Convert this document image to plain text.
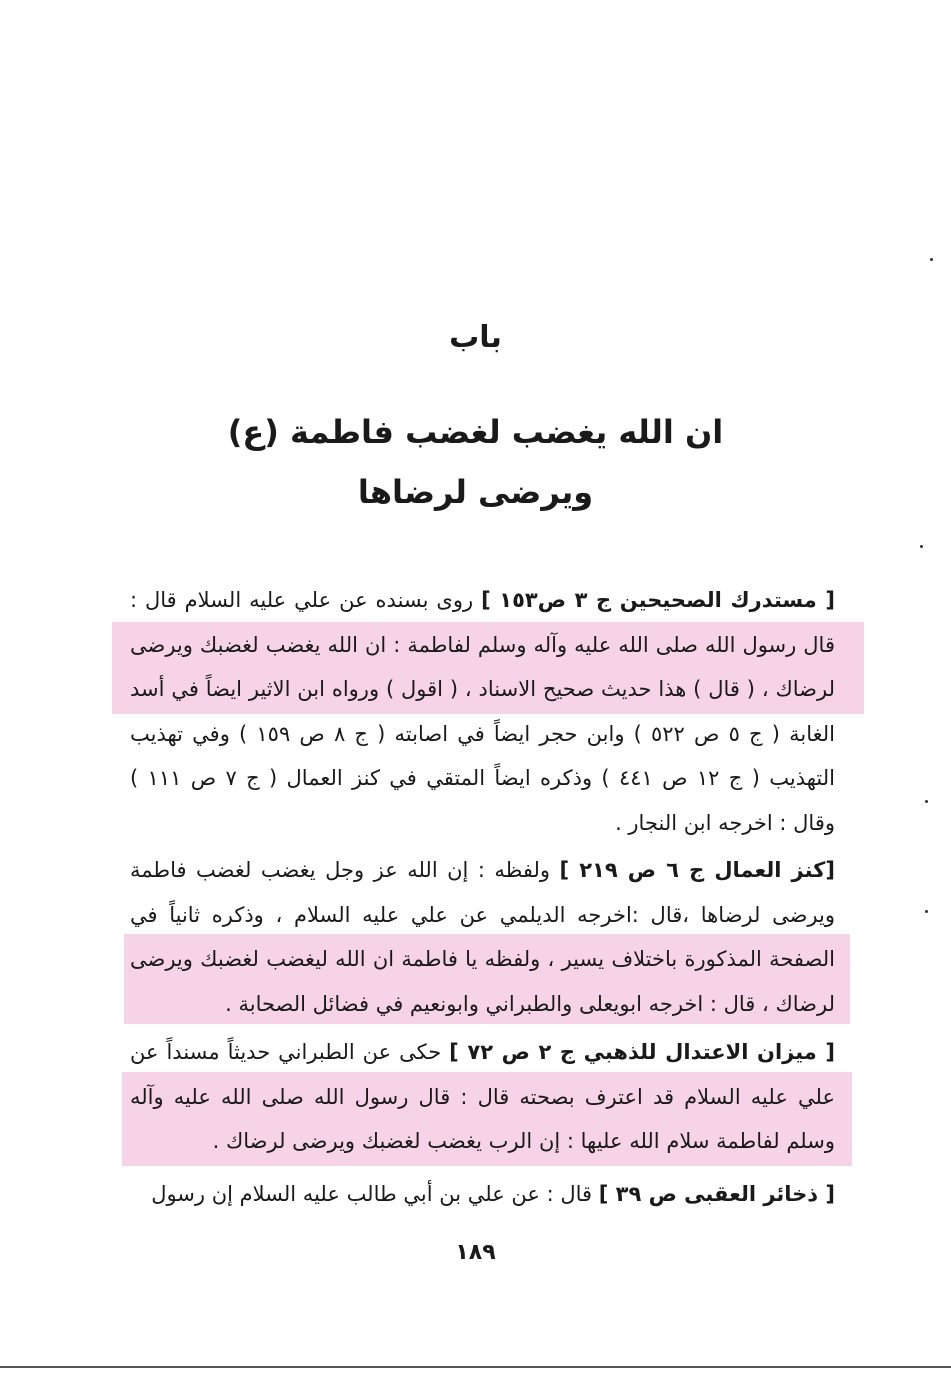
باب
ان الله يغضب لغضب فاطمة (ع)
ويرضى لرضاها
[ مستدرك الصحيحين ج ٣ ص١٥٣ ] روى بسنده عن علي عليه السلام قال : قال رسول الله صلى الله عليه وآله وسلم لفاطمة : ان الله يغضب لغضبك ويرضى لرضاك ، ( قال ) هذا حديث صحيح الاسناد ، ( اقول ) ورواه ابن الاثير ايضاً في أسد الغابة ( ج ٥ ص ٥٢٢ ) وابن حجر ايضاً في اصابته ( ج ٨ ص ١٥٩ ) وفي تهذيب التهذيب ( ج ١٢ ص ٤٤١ ) وذكره ايضاً المتقي في كنز العمال ( ج ٧ ص ١١١ ) وقال : اخرجه ابن النجار .
[كنز العمال ج ٦ ص ٢١٩ ] ولفظه : إن الله عز وجل يغضب لغضب فاطمة ويرضى لرضاها ،قال :اخرجه الديلمي عن علي عليه السلام ، وذكره ثانياً في الصفحة المذكورة باختلاف يسير ، ولفظه يا فاطمة ان الله ليغضب لغضبك ويرضى لرضاك ، قال : اخرجه ابويعلى والطبراني وابونعيم في فضائل الصحابة .
[ ميزان الاعتدال للذهبي ج ٢ ص ٧٢ ] حكى عن الطبراني حديثاً مسنداً عن علي عليه السلام قد اعترف بصحته قال : قال رسول الله صلى الله عليه وآله وسلم لفاطمة سلام الله عليها : إن الرب يغضب لغضبك ويرضى لرضاك .
[ ذخائر العقبى ص ٣٩ ] قال : عن علي بن أبي طالب عليه السلام إن رسول
١٨٩
